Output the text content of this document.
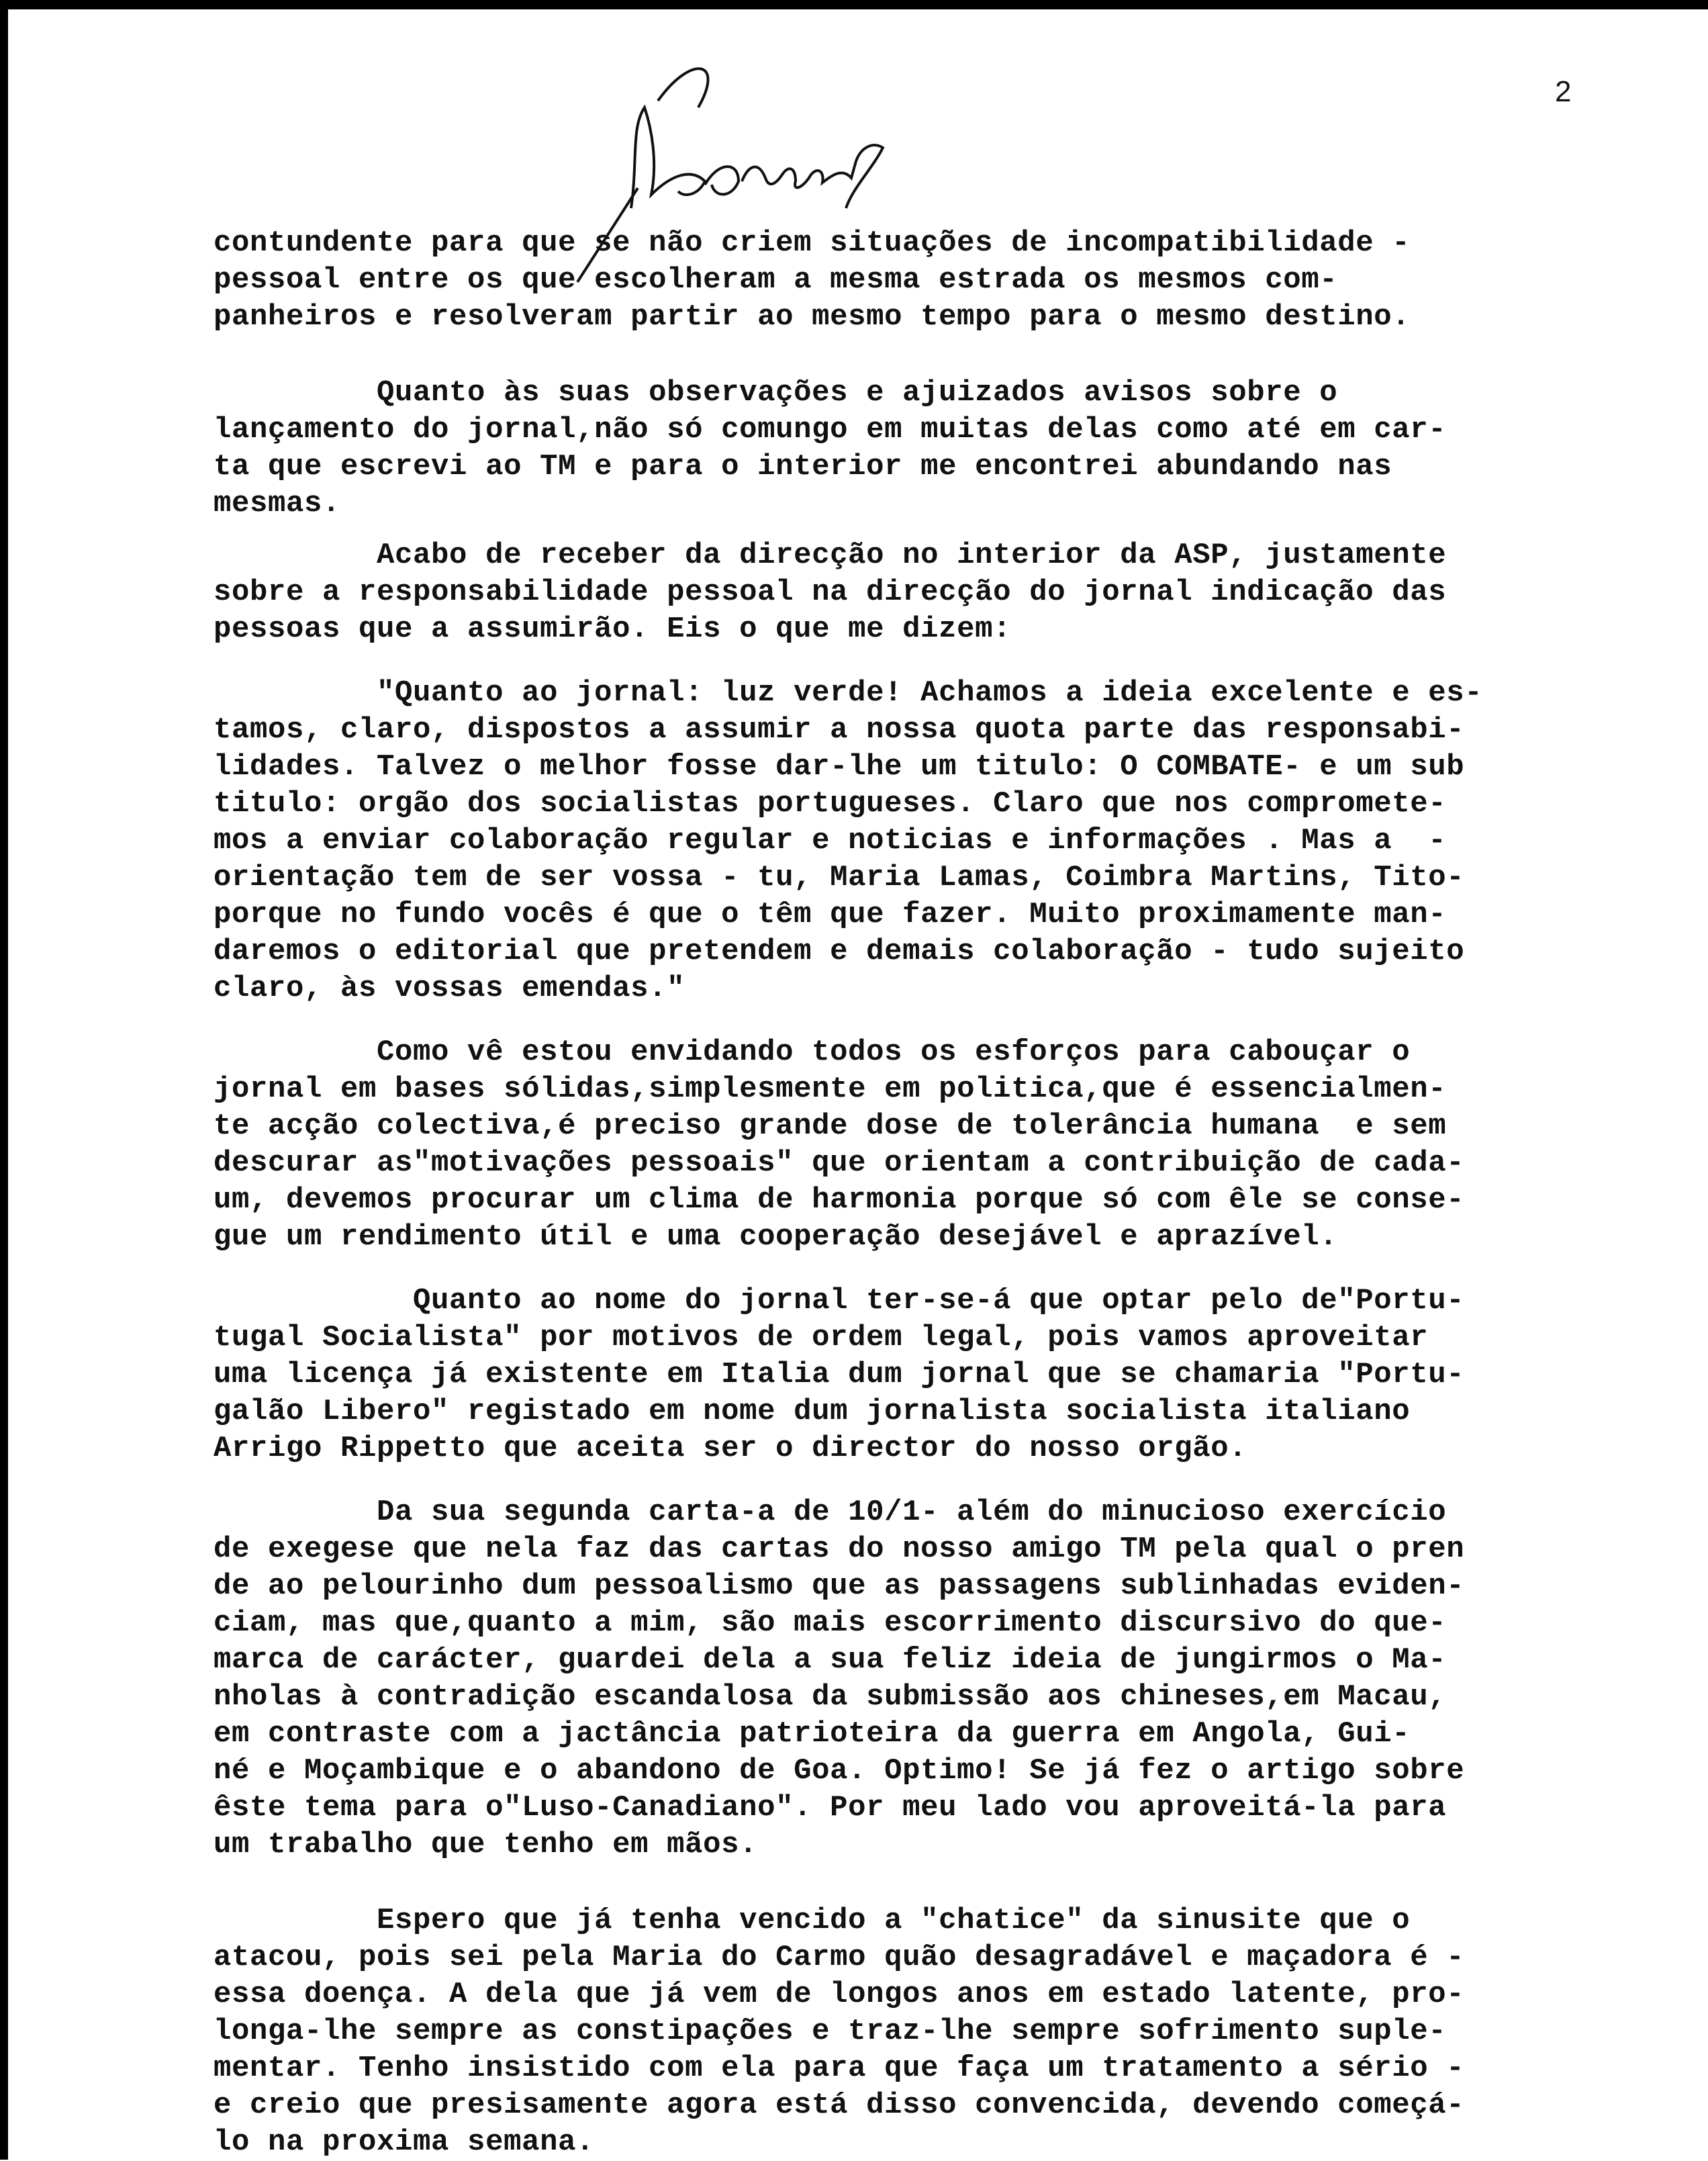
2
contundente para que se não criem situações de incompatibilidade -
pessoal entre os que escolheram a mesma estrada os mesmos com-
panheiros e resolveram partir ao mesmo tempo para o mesmo destino.
Quanto às suas observações e ajuizados avisos sobre o
lançamento do jornal,não só comungo em muitas delas como até em car-
ta que escrevi ao TM e para o interior me encontrei abundando nas
mesmas.
Acabo de receber da direcção no interior da ASP, justamente
sobre a responsabilidade pessoal na direcção do jornal indicação das
pessoas que a assumirão. Eis o que me dizem:
"Quanto ao jornal: luz verde! Achamos a ideia excelente e es-
tamos, claro, dispostos a assumir a nossa quota parte das responsabi-
lidades. Talvez o melhor fosse dar-lhe um titulo: O COMBATE- e um sub
titulo: orgão dos socialistas portugueses. Claro que nos compromete-
mos a enviar colaboração regular e noticias e informações . Mas a  -
orientação tem de ser vossa - tu, Maria Lamas, Coimbra Martins, Tito-
porque no fundo vocês é que o têm que fazer. Muito proximamente man-
daremos o editorial que pretendem e demais colaboração - tudo sujeito
claro, às vossas emendas."
Como vê estou envidando todos os esforços para cabouçar o
jornal em bases sólidas,simplesmente em politica,que é essencialmen-
te acção colectiva,é preciso grande dose de tolerância humana  e sem
descurar as"motivações pessoais" que orientam a contribuição de cada-
um, devemos procurar um clima de harmonia porque só com êle se conse-
gue um rendimento útil e uma cooperação desejável e aprazível.
Quanto ao nome do jornal ter-se-á que optar pelo de"Portu-
tugal Socialista" por motivos de ordem legal, pois vamos aproveitar
uma licença já existente em Italia dum jornal que se chamaria "Portu-
galão Libero" registado em nome dum jornalista socialista italiano
Arrigo Rippetto que aceita ser o director do nosso orgão.
Da sua segunda carta-a de 10/1- além do minucioso exercício
de exegese que nela faz das cartas do nosso amigo TM pela qual o pren
de ao pelourinho dum pessoalismo que as passagens sublinhadas eviden-
ciam, mas que,quanto a mim, são mais escorrimento discursivo do que-
marca de carácter, guardei dela a sua feliz ideia de jungirmos o Ma-
nholas à contradição escandalosa da submissão aos chineses,em Macau,
em contraste com a jactância patrioteira da guerra em Angola, Gui-
né e Moçambique e o abandono de Goa. Optimo! Se já fez o artigo sobre
êste tema para o"Luso-Canadiano". Por meu lado vou aproveitá-la para
um trabalho que tenho em mãos.
Espero que já tenha vencido a "chatice" da sinusite que o
atacou, pois sei pela Maria do Carmo quão desagradável e maçadora é -
essa doença. A dela que já vem de longos anos em estado latente, pro-
longa-lhe sempre as constipações e traz-lhe sempre sofrimento suple-
mentar. Tenho insistido com ela para que faça um tratamento a sério -
e creio que presisamente agora está disso convencida, devendo começá-
lo na proxima semana.
